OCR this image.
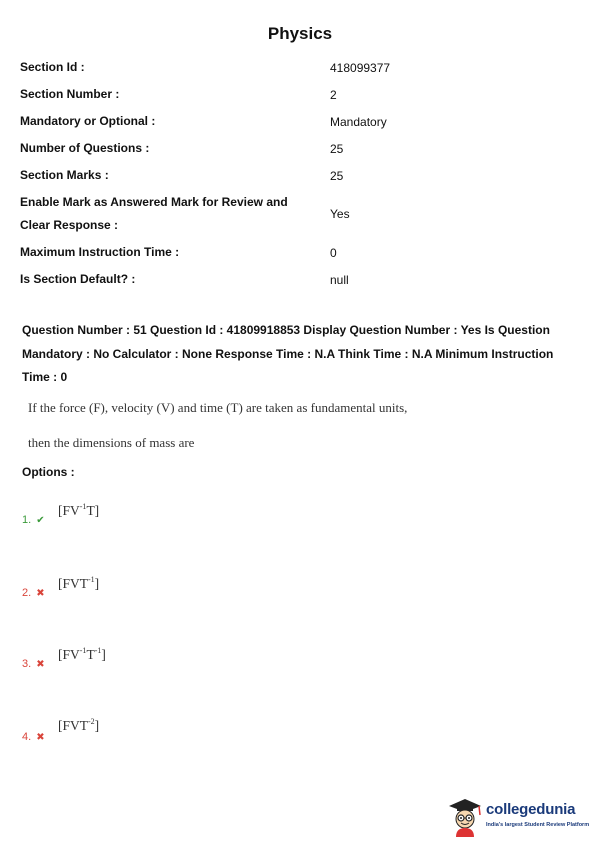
Physics
Section Id :	418099377
Section Number :	2
Mandatory or Optional :	Mandatory
Number of Questions :	25
Section Marks :	25
Enable Mark as Answered Mark for Review and
Clear Response :
Yes
Maximum Instruction Time :	0
Is Section Default? :	null
Question Number : 51 Question Id : 41809918853 Display Question Number : Yes Is Question
Mandatory : No Calculator : None Response Time : N.A Think Time : N.A Minimum Instruction
Time : 0
If the force (F), velocity (V) and time (T) are taken as fundamental units,
then the dimensions of mass are
Options :
1. ✔
$[FV^{-1}T]$
2. ✖
$[FVT^{-1}]$
3. ✖
$[FV^{-1}T^{-1}]$
4. ✖
$[FVT^{-2}]$
collegedunia
India's largest Student Review Platform
